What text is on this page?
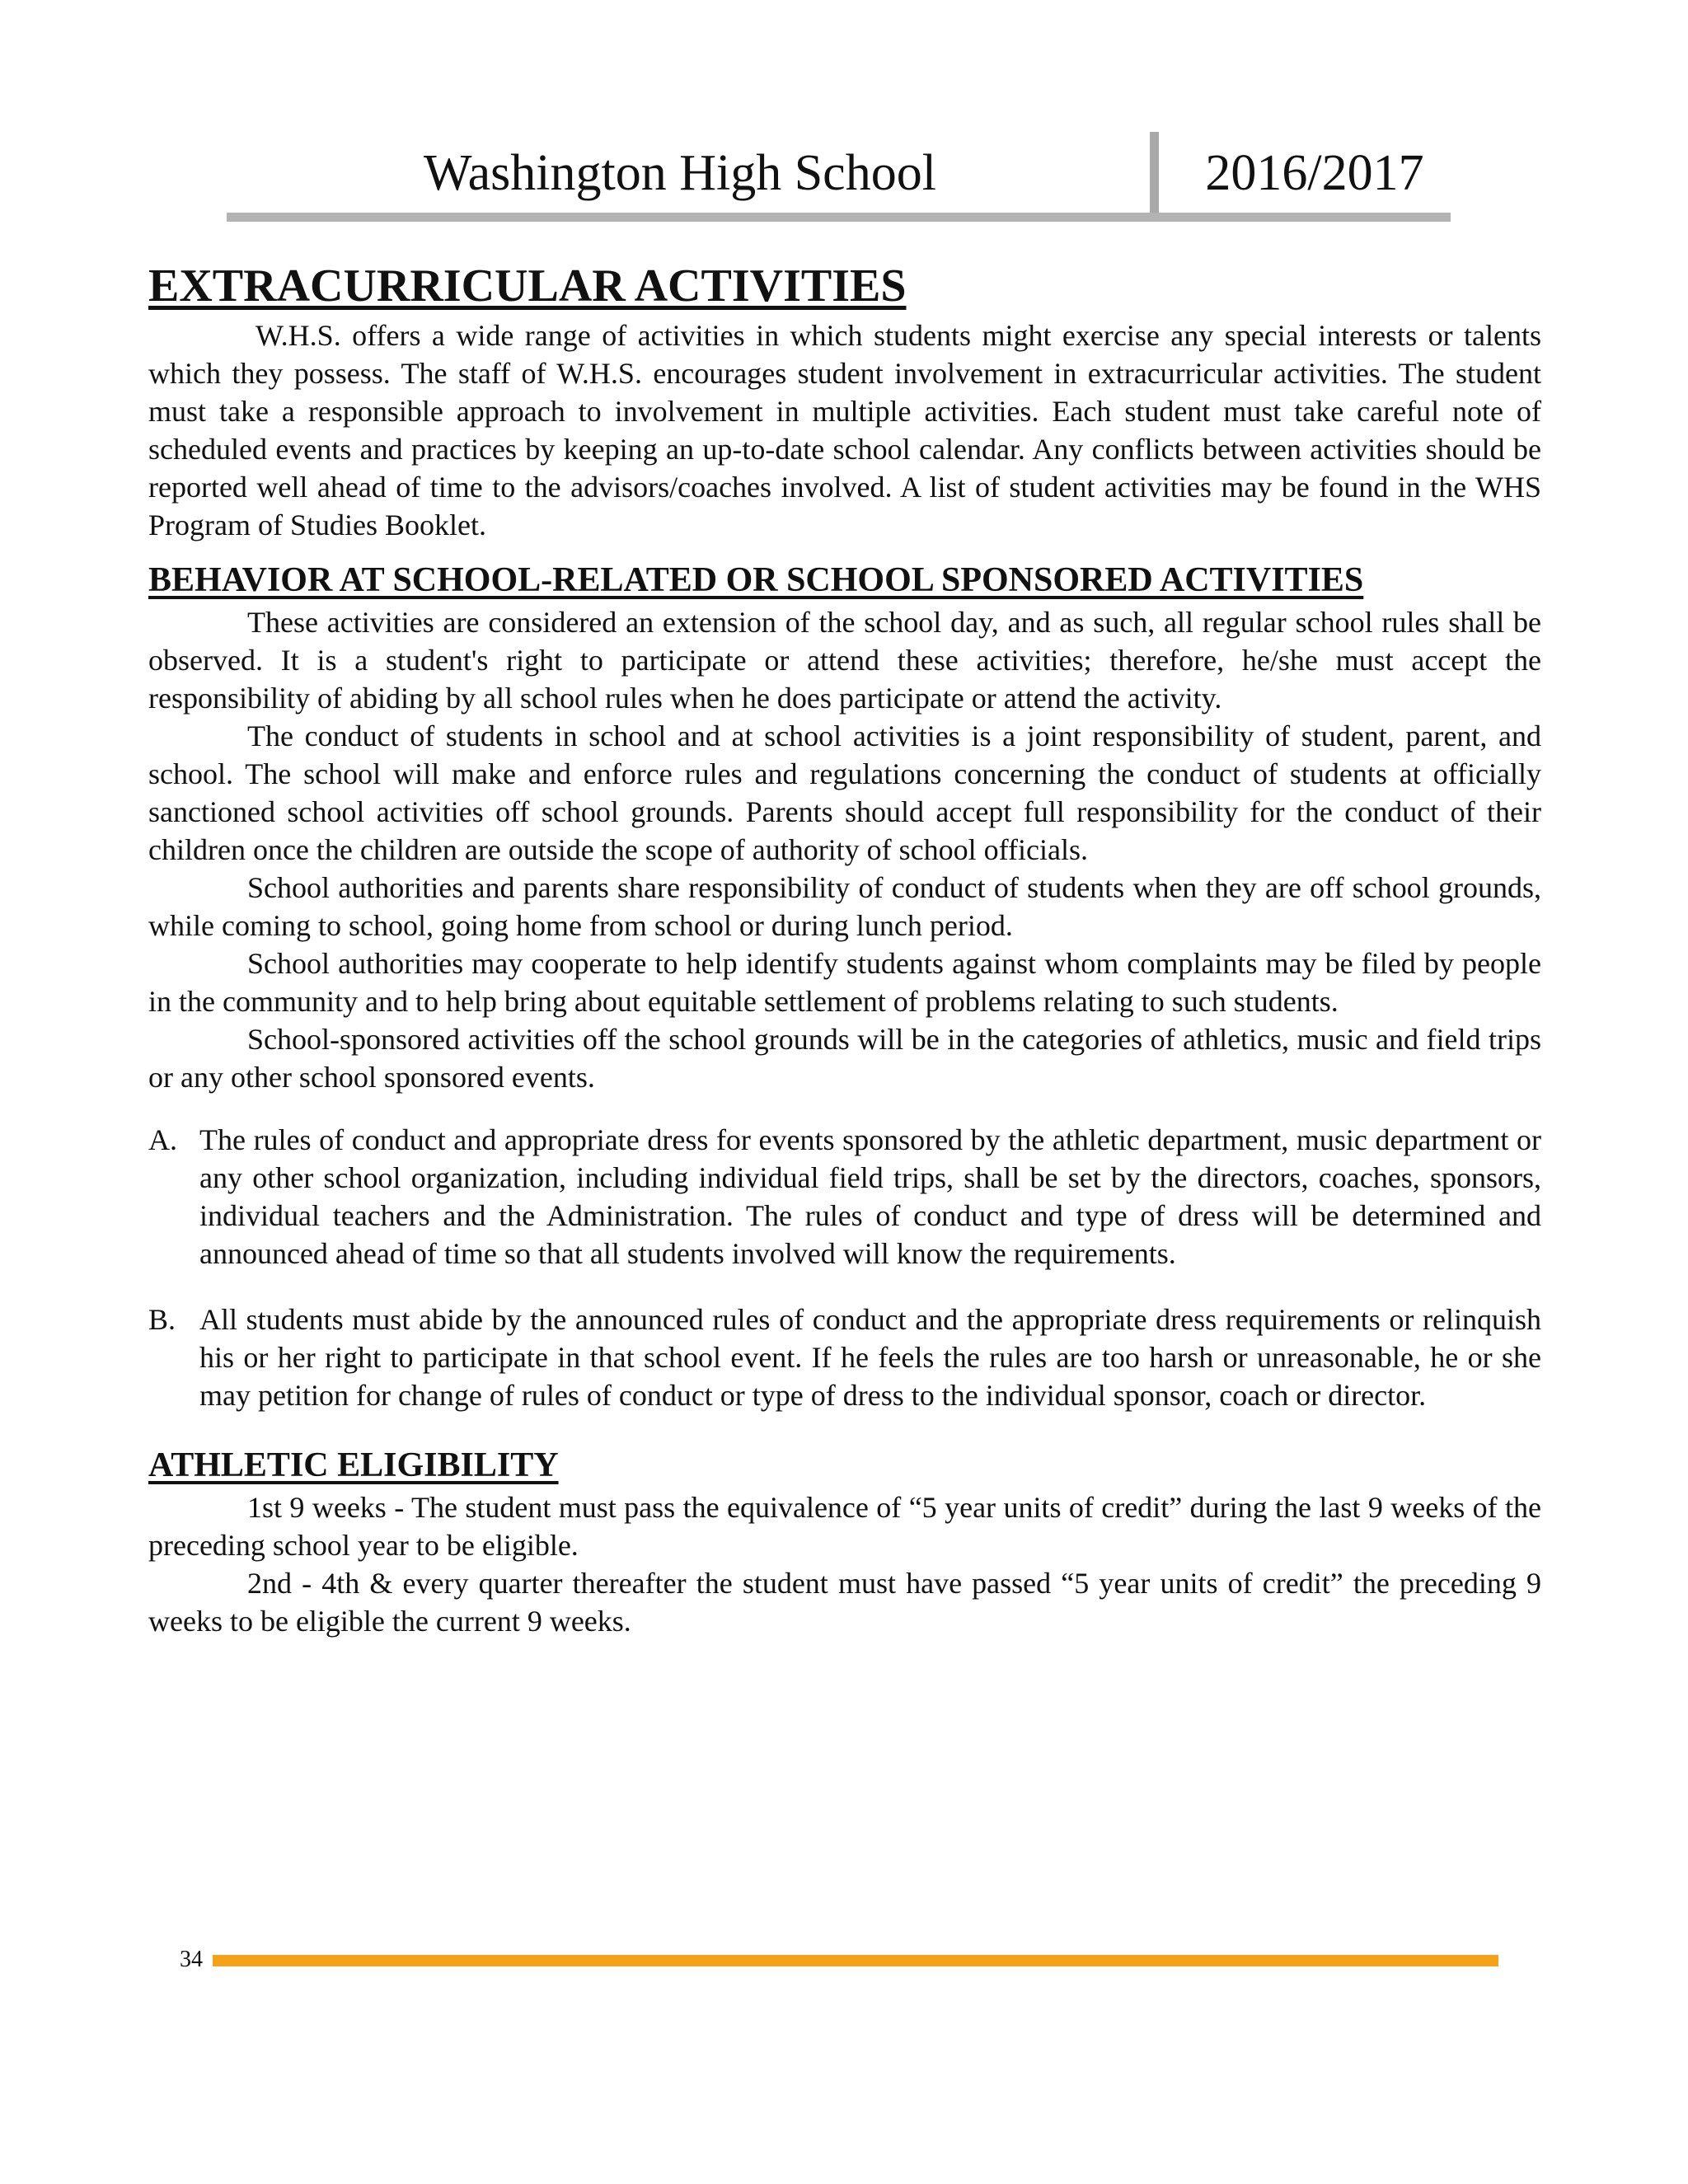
Washington High School	2016/2017
EXTRACURRICULAR ACTIVITIES

W.H.S. offers a wide range of activities in which students might exercise any special interests or talents which they possess. The staff of W.H.S. encourages student involvement in extracurricular activities. The student must take a responsible approach to involvement in multiple activities. Each student must take careful note of scheduled events and practices by keeping an up-to-date school calendar. Any conflicts between activities should be reported well ahead of time to the advisors/coaches involved. A list of student activities may be found in the WHS Program of Studies Booklet.

BEHAVIOR AT SCHOOL-RELATED OR SCHOOL SPONSORED ACTIVITIES

These activities are considered an extension of the school day, and as such, all regular school rules shall be observed. It is a student's right to participate or attend these activities; therefore, he/she must accept the responsibility of abiding by all school rules when he does participate or attend the activity.

The conduct of students in school and at school activities is a joint responsibility of student, parent, and school. The school will make and enforce rules and regulations concerning the conduct of students at officially sanctioned school activities off school grounds. Parents should accept full responsibility for the conduct of their children once the children are outside the scope of authority of school officials.

School authorities and parents share responsibility of conduct of students when they are off school grounds, while coming to school, going home from school or during lunch period.

School authorities may cooperate to help identify students against whom complaints may be filed by people in the community and to help bring about equitable settlement of problems relating to such students.

School-sponsored activities off the school grounds will be in the categories of athletics, music and field trips or any other school sponsored events.

A. The rules of conduct and appropriate dress for events sponsored by the athletic department, music department or any other school organization, including individual field trips, shall be set by the directors, coaches, sponsors, individual teachers and the Administration. The rules of conduct and type of dress will be determined and announced ahead of time so that all students involved will know the requirements.
B. All students must abide by the announced rules of conduct and the appropriate dress requirements or relinquish his or her right to participate in that school event. If he feels the rules are too harsh or unreasonable, he or she may petition for change of rules of conduct or type of dress to the individual sponsor, coach or director.
ATHLETIC ELIGIBILITY

1st 9 weeks - The student must pass the equivalence of “5 year units of credit” during the last 9 weeks of the preceding school year to be eligible.

2nd - 4th & every quarter thereafter the student must have passed “5 year units of credit” the preceding 9 weeks to be eligible the current 9 weeks.

34
